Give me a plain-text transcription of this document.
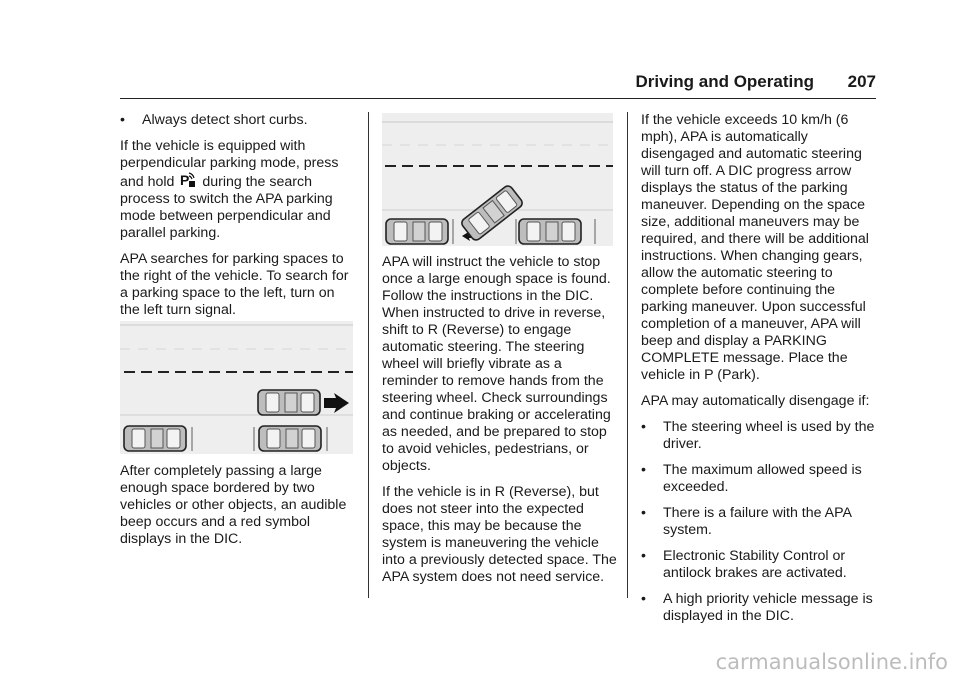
Driving and Operating 207
•	Always detect short curbs.

If the vehicle is equipped with perpendicular parking mode, press and hold P during the search process to switch the APA parking mode between perpendicular and parallel parking.

APA searches for parking spaces to the right of the vehicle. To search for a parking space to the left, turn on the left turn signal.

After completely passing a large enough space bordered by two vehicles or other objects, an audible beep occurs and a red symbol displays in the DIC.

APA will instruct the vehicle to stop once a large enough space is found. Follow the instructions in the DIC. When instructed to drive in reverse, shift to R (Reverse) to engage automatic steering. The steering wheel will briefly vibrate as a reminder to remove hands from the steering wheel. Check surroundings and continue braking or accelerating as needed, and be prepared to stop to avoid vehicles, pedestrians, or objects.

If the vehicle is in R (Reverse), but does not steer into the expected space, this may be because the system is maneuvering the vehicle into a previously detected space. The APA system does not need service.

If the vehicle exceeds 10 km/h (6 mph), APA is automatically disengaged and automatic steering will turn off. A DIC progress arrow displays the status of the parking maneuver. Depending on the space size, additional maneuvers may be required, and there will be additional instructions. When changing gears, allow the automatic steering to complete before continuing the parking maneuver. Upon successful completion of a maneuver, APA will beep and display a PARKING COMPLETE message. Place the vehicle in P (Park).

APA may automatically disengage if:

•	The steering wheel is used by the driver.
•	The maximum allowed speed is exceeded.
•	There is a failure with the APA system.
•	Electronic Stability Control or antilock brakes are activated.
•	A high priority vehicle message is displayed in the DIC.
carmanualsonline.info
